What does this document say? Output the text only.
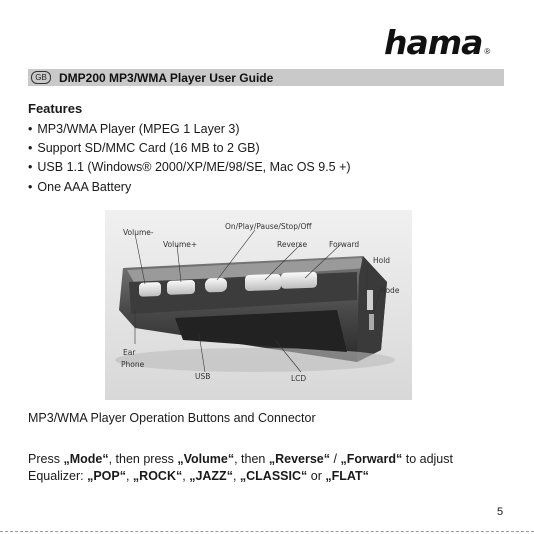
hama ®
GB	DMP200 MP3/WMA Player User Guide
Features
• MP3/WMA Player (MPEG 1 Layer 3)
• Support SD/MMC Card (16 MB to 2 GB)
• USB 1.1 (Windows® 2000/XP/ME/98/SE, Mac OS 9.5 +)
• One AAA Battery
Volume-
Volume+
On/Play/Pause/Stop/Off
Reverse	Forward
Hold
Mode
Ear
Phone
USB	LCD

MP3/WMA Player Operation Buttons and Connector

Press „Mode“, then press „Volume“, then „Reverse“ / „Forward“ to adjust

Equalizer: „POP“, „ROCK“, „JAZZ“, „CLASSIC“ or „FLAT“

5
